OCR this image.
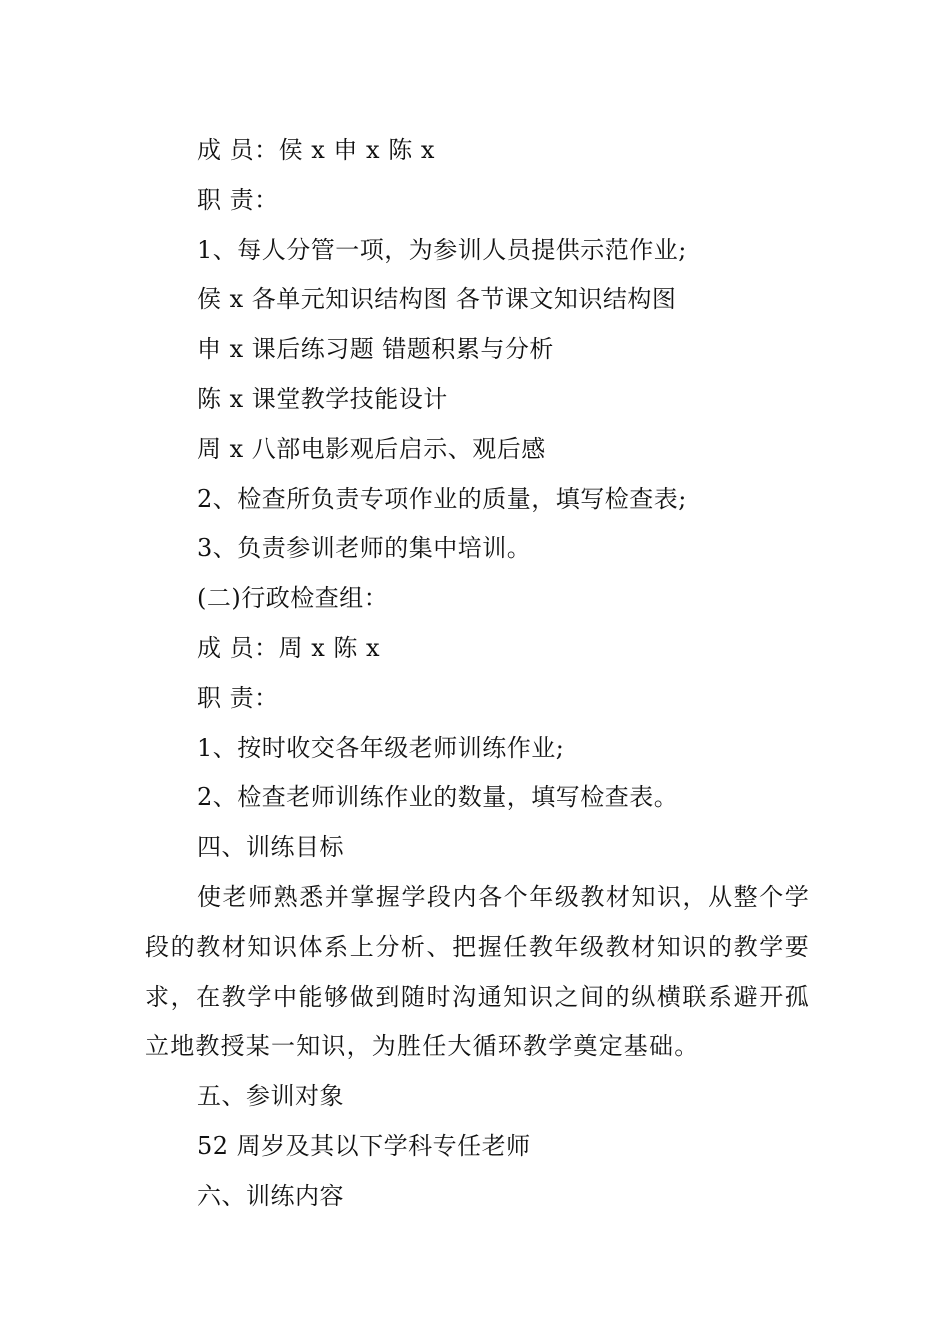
成 员：侯 x 申 x 陈 x
职 责：
1、每人分管一项，为参训人员提供示范作业;
侯 x 各单元知识结构图 各节课文知识结构图
申 x 课后练习题 错题积累与分析
陈 x 课堂教学技能设计
周 x 八部电影观后启示、观后感
2、检查所负责专项作业的质量，填写检查表;
3、负责参训老师的集中培训。
(二)行政检查组：
成 员：周 x 陈 x
职 责：
1、按时收交各年级老师训练作业;
2、检查老师训练作业的数量，填写检查表。
四、训练目标

使老师熟悉并掌握学段内各个年级教材知识，从整个学段的教材知识体系上分析、把握任教年级教材知识的教学要求，在教学中能够做到随时沟通知识之间的纵横联系避开孤立地教授某一知识，为胜任大循环教学奠定基础。

五、参训对象
52 周岁及其以下学科专任老师
六、训练内容
